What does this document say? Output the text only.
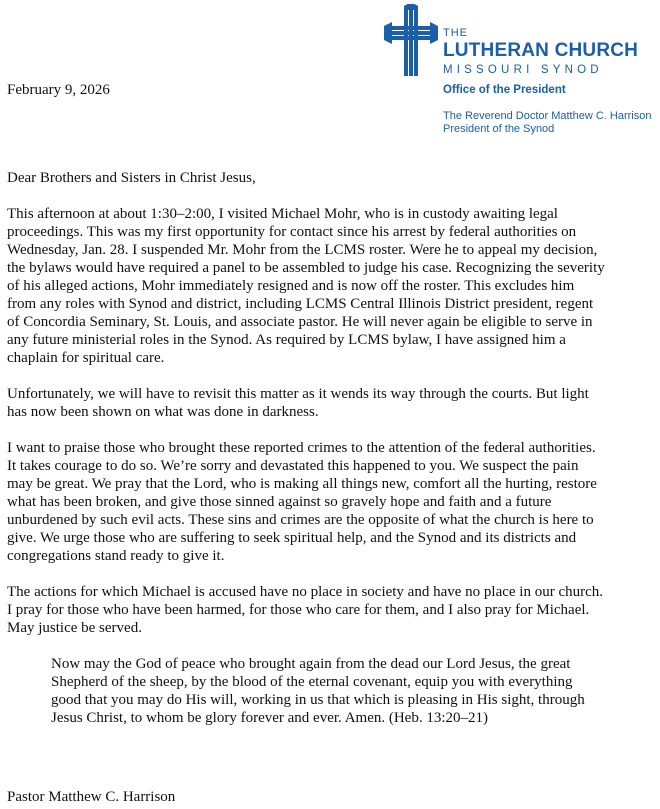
THE
LUTHERAN CHURCH
MISSOURI SYNOD
Office of the President
The Reverend Doctor Matthew C. Harrison
President of the Synod
February 9, 2026

Dear Brothers and Sisters in Christ Jesus,

This afternoon at about 1:30–2:00, I visited Michael Mohr, who is in custody awaiting legal proceedings. This was my first opportunity for contact since his arrest by federal authorities on Wednesday, Jan. 28. I suspended Mr. Mohr from the LCMS roster. Were he to appeal my decision, the bylaws would have required a panel to be assembled to judge his case. Recognizing the severity of his alleged actions, Mohr immediately resigned and is now off the roster. This excludes him from any roles with Synod and district, including LCMS Central Illinois District president, regent of Concordia Seminary, St. Louis, and associate pastor. He will never again be eligible to serve in any future ministerial roles in the Synod. As required by LCMS bylaw, I have assigned him a chaplain for spiritual care.

Unfortunately, we will have to revisit this matter as it wends its way through the courts. But light has now been shown on what was done in darkness.

I want to praise those who brought these reported crimes to the attention of the federal authorities. It takes courage to do so. We’re sorry and devastated this happened to you. We suspect the pain may be great. We pray that the Lord, who is making all things new, comfort all the hurting, restore what has been broken, and give those sinned against so gravely hope and faith and a future unburdened by such evil acts. These sins and crimes are the opposite of what the church is here to give. We urge those who are suffering to seek spiritual help, and the Synod and its districts and congregations stand ready to give it.

The actions for which Michael is accused have no place in society and have no place in our church. I pray for those who have been harmed, for those who care for them, and I also pray for Michael. May justice be served.

Now may the God of peace who brought again from the dead our Lord Jesus, the great Shepherd of the sheep, by the blood of the eternal covenant, equip you with everything good that you may do His will, working in us that which is pleasing in His sight, through Jesus Christ, to whom be glory forever and ever. Amen. (Heb. 13:20–21)

Pastor Matthew C. Harrison
